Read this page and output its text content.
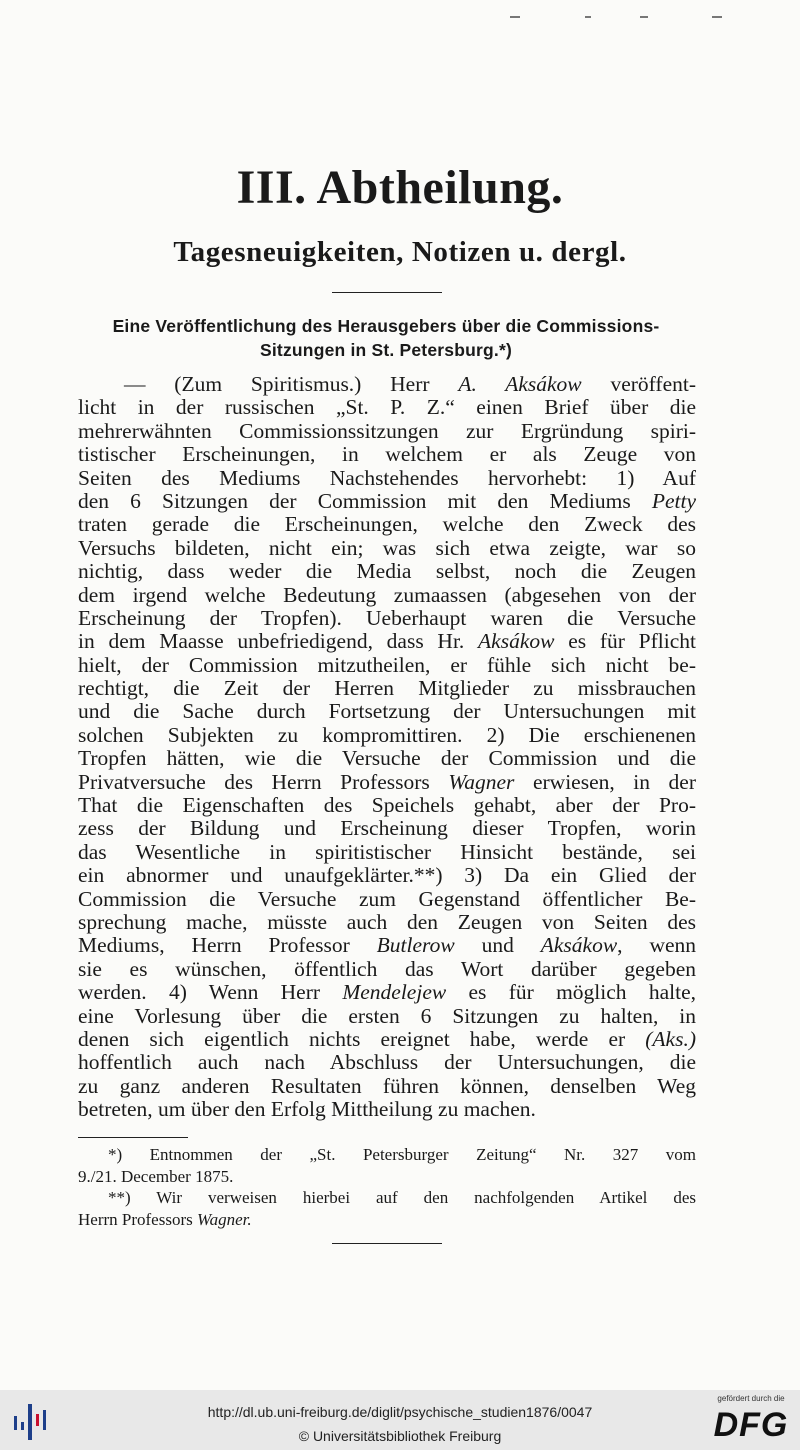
III. Abtheilung.
Tagesneuigkeiten, Notizen u. dergl.
Eine Veröffentlichung des Herausgebers über die Commissions-
Sitzungen in St. Petersburg.*)
— (Zum Spiritismus.) Herr A. Aksákow veröffent-
licht in der russischen „St. P. Z.“ einen Brief über die
mehrerwähnten Commissionssitzungen zur Ergründung spiri-
tistischer Erscheinungen, in welchem er als Zeuge von
Seiten des Mediums Nachstehendes hervorhebt: 1) Auf
den 6 Sitzungen der Commission mit den Mediums Petty
traten gerade die Erscheinungen, welche den Zweck des
Versuchs bildeten, nicht ein; was sich etwa zeigte, war so
nichtig, dass weder die Media selbst, noch die Zeugen
dem irgend welche Bedeutung zumaassen (abgesehen von der
Erscheinung der Tropfen). Ueberhaupt waren die Versuche
in dem Maasse unbefriedigend, dass Hr. Aksákow es für Pflicht
hielt, der Commission mitzutheilen, er fühle sich nicht be-
rechtigt, die Zeit der Herren Mitglieder zu missbrauchen
und die Sache durch Fortsetzung der Untersuchungen mit
solchen Subjekten zu kompromittiren. 2) Die erschienenen
Tropfen hätten, wie die Versuche der Commission und die
Privatversuche des Herrn Professors Wagner erwiesen, in der
That die Eigenschaften des Speichels gehabt, aber der Pro-
zess der Bildung und Erscheinung dieser Tropfen, worin
das Wesentliche in spiritistischer Hinsicht bestände, sei
ein abnormer und unaufgeklärter.**) 3) Da ein Glied der
Commission die Versuche zum Gegenstand öffentlicher Be-
sprechung mache, müsste auch den Zeugen von Seiten des
Mediums, Herrn Professor Butlerow und Aksákow, wenn
sie es wünschen, öffentlich das Wort darüber gegeben
werden. 4) Wenn Herr Mendelejew es für möglich halte,
eine Vorlesung über die ersten 6 Sitzungen zu halten, in
denen sich eigentlich nichts ereignet habe, werde er (Aks.)
hoffentlich auch nach Abschluss der Untersuchungen, die
zu ganz anderen Resultaten führen können, denselben Weg
betreten, um über den Erfolg Mittheilung zu machen.
*) Entnommen der „St. Petersburger Zeitung“ Nr. 327 vom
9./21. December 1875.
**) Wir verweisen hierbei auf den nachfolgenden Artikel des
Herrn Professors Wagner.
http://dl.ub.uni-freiburg.de/diglit/psychische_studien1876/0047
© Universitätsbibliothek Freiburg
gefördert durch die
DFG
